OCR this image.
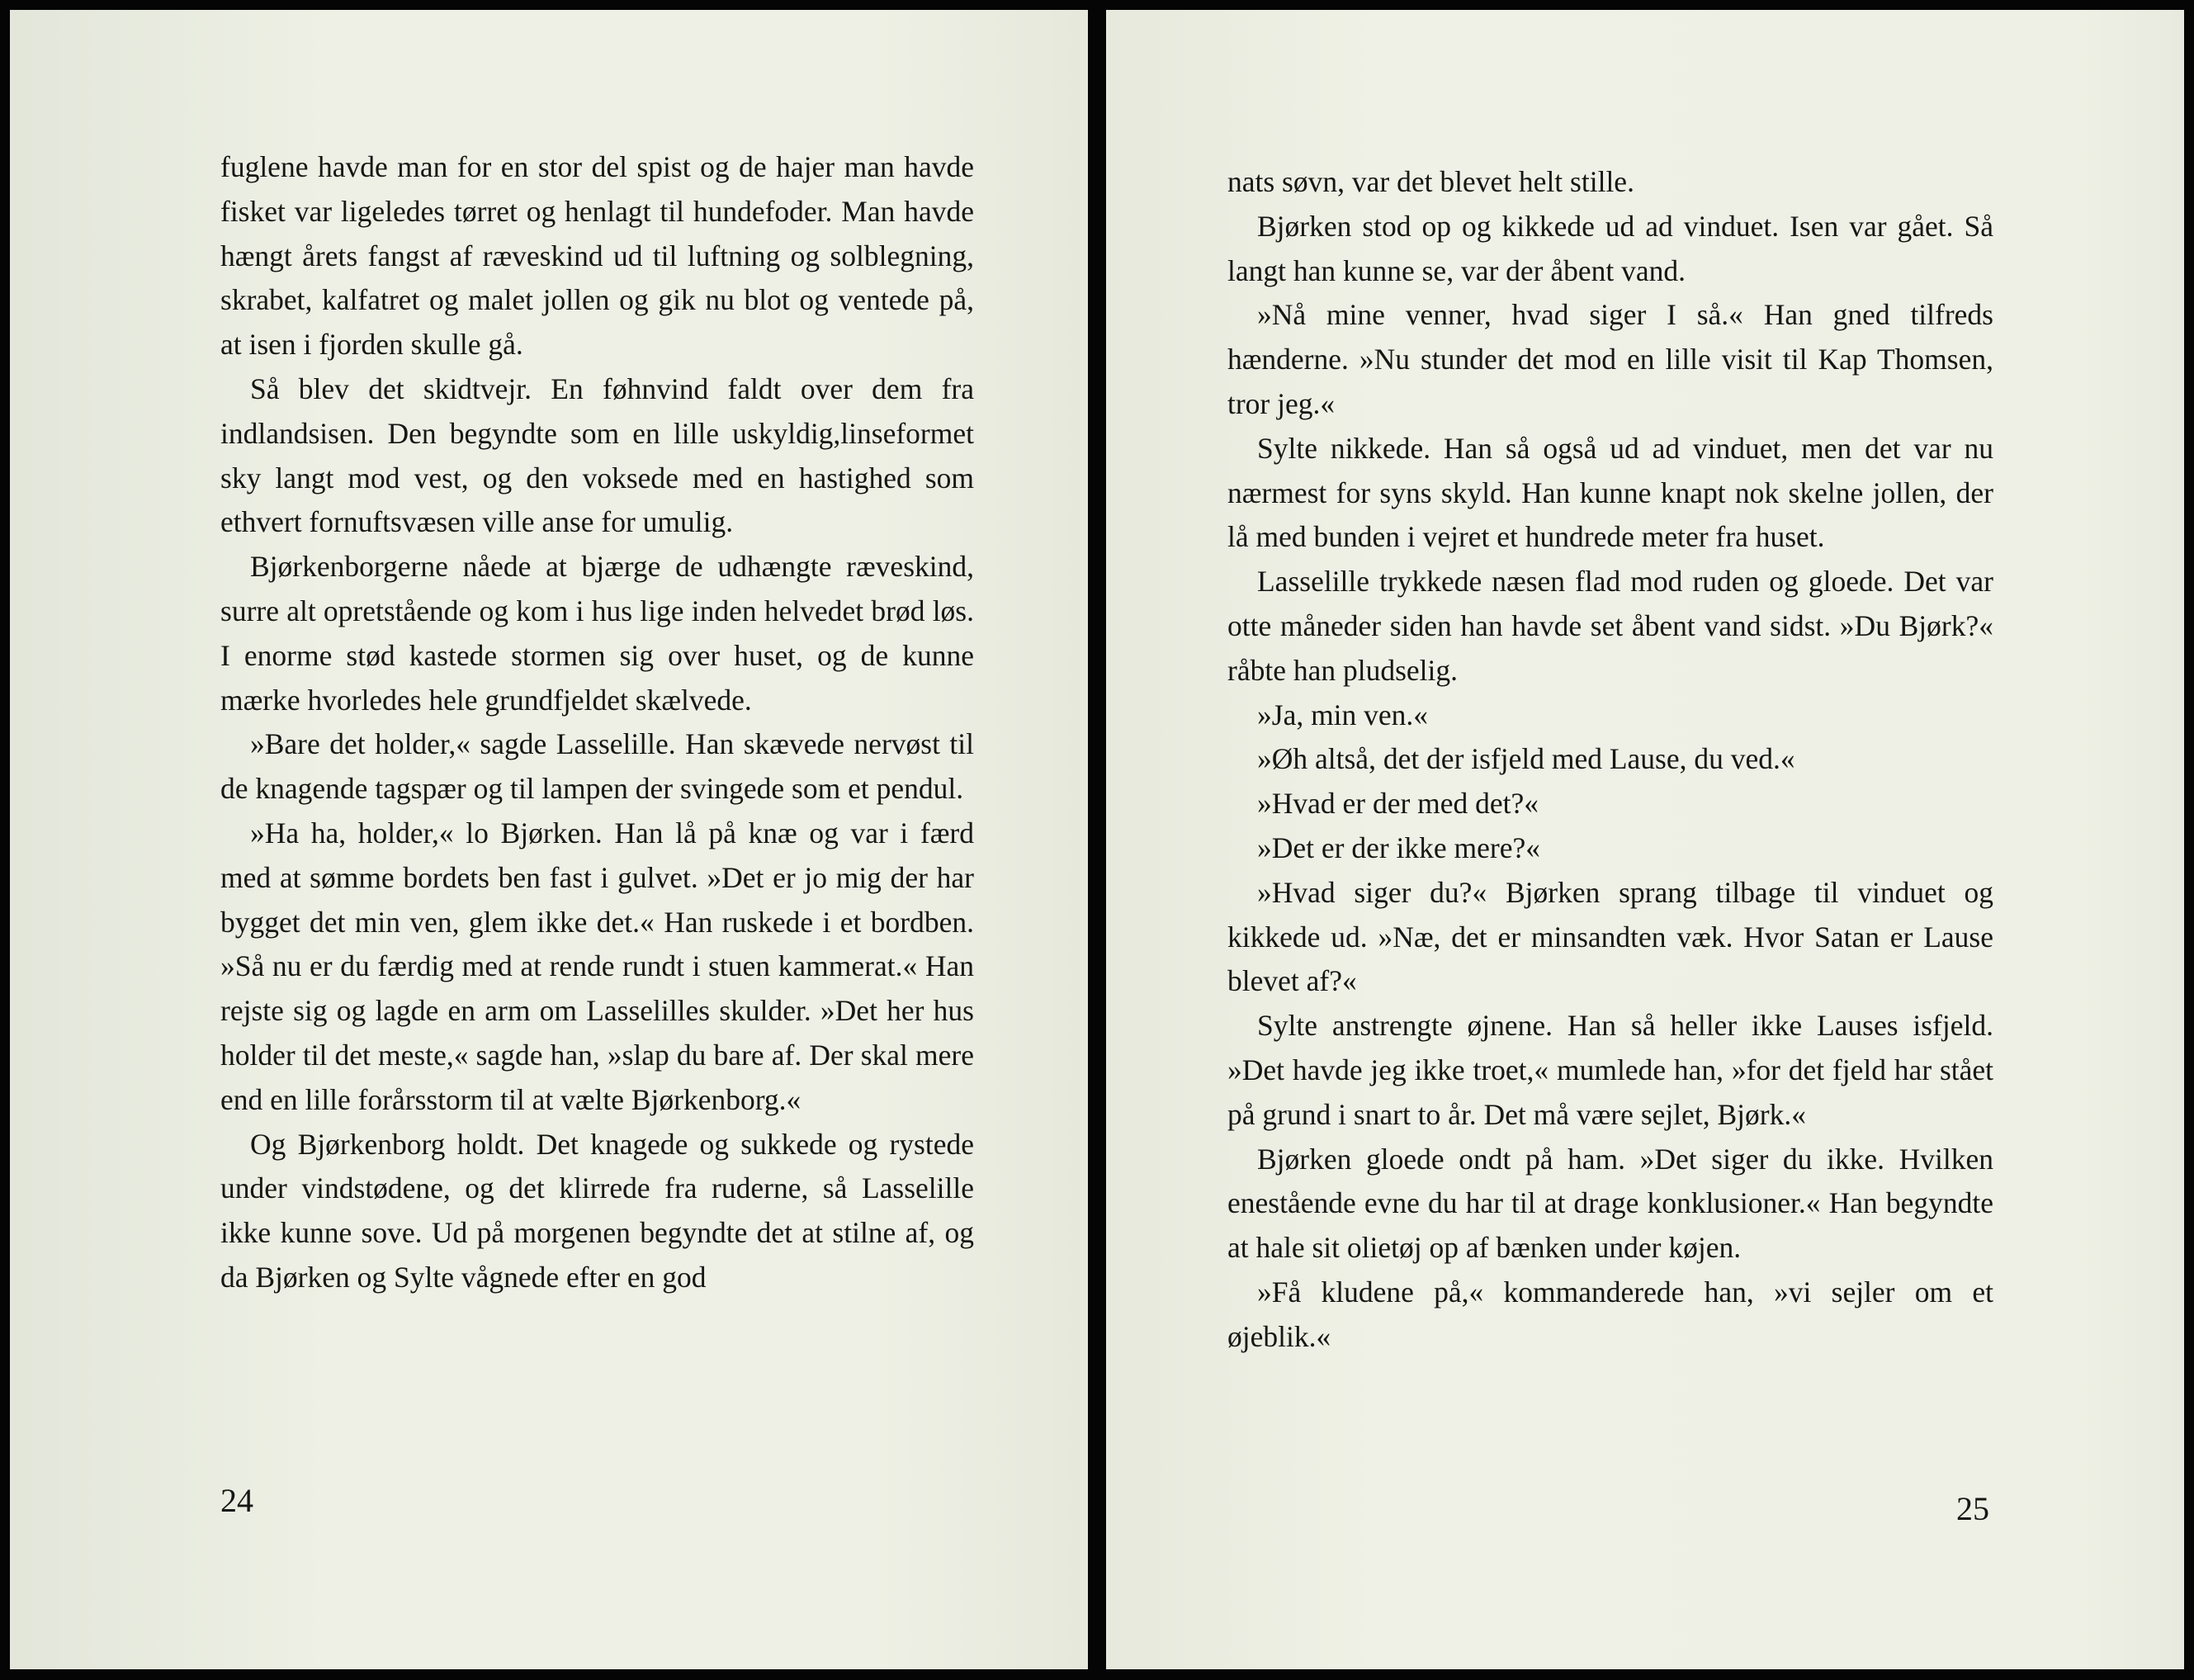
fuglene havde man for en stor del spist og de hajer man havde fisket var ligeledes tørret og henlagt til hundefoder. Man havde hængt årets fangst af ræveskind ud til luftning og solblegning, skrabet, kalfatret og malet jollen og gik nu blot og ventede på, at isen i fjorden skulle gå.

Så blev det skidtvejr. En føhnvind faldt over dem fra indlandsisen. Den begyndte som en lille uskyldig,linseformet sky langt mod vest, og den voksede med en hastighed som ethvert fornuftsvæsen ville anse for umulig.

Bjørkenborgerne nåede at bjærge de udhængte ræveskind, surre alt opretstående og kom i hus lige inden helvedet brød løs. I enorme stød kastede stormen sig over huset, og de kunne mærke hvorledes hele grundfjeldet skælvede.

»Bare det holder,« sagde Lasselille. Han skævede nervøst til de knagende tagspær og til lampen der svingede som et pendul.

»Ha ha, holder,« lo Bjørken. Han lå på knæ og var i færd med at sømme bordets ben fast i gulvet. »Det er jo mig der har bygget det min ven, glem ikke det.« Han ruskede i et bordben. »Så nu er du færdig med at rende rundt i stuen kammerat.« Han rejste sig og lagde en arm om Lasselilles skulder. »Det her hus holder til det meste,« sagde han, »slap du bare af. Der skal mere end en lille forårsstorm til at vælte Bjørkenborg.«

Og Bjørkenborg holdt. Det knagede og sukkede og rystede under vindstødene, og det klirrede fra ruderne, så Lasselille ikke kunne sove. Ud på morgenen begyndte det at stilne af, og da Bjørken og Sylte vågnede efter en god

24

nats søvn, var det blevet helt stille.

Bjørken stod op og kikkede ud ad vinduet. Isen var gået. Så langt han kunne se, var der åbent vand.

»Nå mine venner, hvad siger I så.« Han gned tilfreds hænderne. »Nu stunder det mod en lille visit til Kap Thomsen, tror jeg.«

Sylte nikkede. Han så også ud ad vinduet, men det var nu nærmest for syns skyld. Han kunne knapt nok skelne jollen, der lå med bunden i vejret et hundrede meter fra huset.

Lasselille trykkede næsen flad mod ruden og gloede. Det var otte måneder siden han havde set åbent vand sidst. »Du Bjørk?« råbte han pludselig.

»Ja, min ven.«

»Øh altså, det der isfjeld med Lause, du ved.«

»Hvad er der med det?«

»Det er der ikke mere?«

»Hvad siger du?« Bjørken sprang tilbage til vinduet og kikkede ud. »Næ, det er minsandten væk. Hvor Satan er Lause blevet af?«

Sylte anstrengte øjnene. Han så heller ikke Lauses isfjeld. »Det havde jeg ikke troet,« mumlede han, »for det fjeld har stået på grund i snart to år. Det må være sejlet, Bjørk.«

Bjørken gloede ondt på ham. »Det siger du ikke. Hvilken enestående evne du har til at drage konklusioner.« Han begyndte at hale sit olietøj op af bænken under køjen.

»Få kludene på,« kommanderede han, »vi sejler om et øjeblik.«

25
